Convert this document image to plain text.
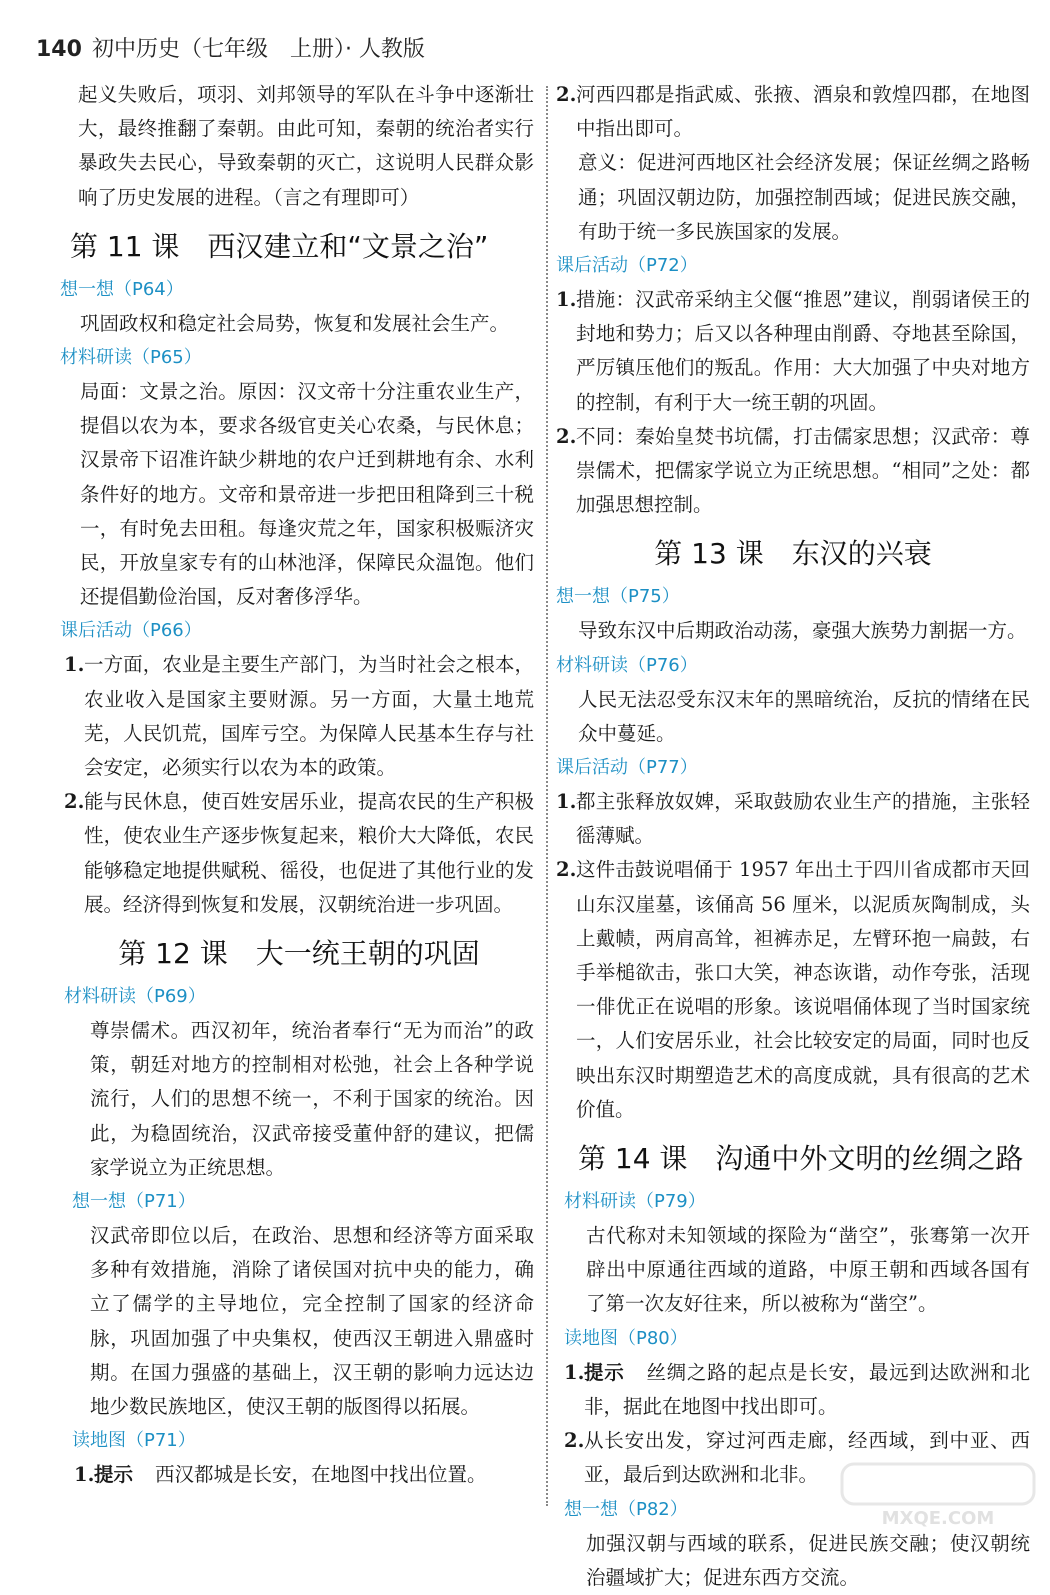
140 初中历史（七年级　上册）· 人教版

起义失败后，项羽、刘邦领导的军队在斗争中逐渐壮大，最终推翻了秦朝。由此可知，秦朝的统治者实行暴政失去民心，导致秦朝的灭亡，这说明人民群众影响了历史发展的进程。（言之有理即可）

第 11 课　西汉建立和“文景之治”
想一想（P64）

巩固政权和稳定社会局势，恢复和发展社会生产。

材料研读（P65）

局面：文景之治。原因：汉文帝十分注重农业生产，提倡以农为本，要求各级官吏关心农桑，与民休息；汉景帝下诏准许缺少耕地的农户迁到耕地有余、水利条件好的地方。文帝和景帝进一步把田租降到三十税一，有时免去田租。每逢灾荒之年，国家积极赈济灾民，开放皇家专有的山林池泽，保障民众温饱。他们还提倡勤俭治国，反对奢侈浮华。

课后活动（P66）
1. 一方面，农业是主要生产部门，为当时社会之根本，农业收入是国家主要财源。另一方面，大量土地荒芜，人民饥荒，国库亏空。为保障人民基本生存与社会安定，必须实行以农为本的政策。
2. 能与民休息，使百姓安居乐业，提高农民的生产积极性，使农业生产逐步恢复起来，粮价大大降低，农民能够稳定地提供赋税、徭役，也促进了其他行业的发展。经济得到恢复和发展，汉朝统治进一步巩固。
第 12 课　大一统王朝的巩固
材料研读（P69）

尊崇儒术。西汉初年，统治者奉行“无为而治”的政策，朝廷对地方的控制相对松弛，社会上各种学说流行，人们的思想不统一，不利于国家的统治。因此，为稳固统治，汉武帝接受董仲舒的建议，把儒家学说立为正统思想。

想一想（P71）

汉武帝即位以后，在政治、思想和经济等方面采取多种有效措施，消除了诸侯国对抗中央的能力，确立了儒学的主导地位，完全控制了国家的经济命脉，巩固加强了中央集权，使西汉王朝进入鼎盛时期。在国力强盛的基础上，汉王朝的影响力远达边地少数民族地区，使汉王朝的版图得以拓展。

读地图（P71）
1. 提示 西汉都城是长安，在地图中找出位置。
2. 河西四郡是指武威、张掖、酒泉和敦煌四郡，在地图中指出即可。

意义：促进河西地区社会经济发展；保证丝绸之路畅通；巩固汉朝边防，加强控制西域；促进民族交融，有助于统一多民族国家的发展。

课后活动（P72）
1. 措施：汉武帝采纳主父偃“推恩”建议，削弱诸侯王的封地和势力；后又以各种理由削爵、夺地甚至除国，严厉镇压他们的叛乱。作用：大大加强了中央对地方的控制，有利于大一统王朝的巩固。
2. 不同：秦始皇焚书坑儒，打击儒家思想；汉武帝：尊崇儒术，把儒家学说立为正统思想。“相同”之处：都加强思想控制。
第 13 课　东汉的兴衰
想一想（P75）

导致东汉中后期政治动荡，豪强大族势力割据一方。

材料研读（P76）

人民无法忍受东汉末年的黑暗统治，反抗的情绪在民众中蔓延。

课后活动（P77）
1. 都主张释放奴婢，采取鼓励农业生产的措施，主张轻徭薄赋。
2. 这件击鼓说唱俑于 1957 年出土于四川省成都市天回山东汉崖墓，该俑高 56 厘米，以泥质灰陶制成，头上戴帻，两肩高耸，袒裤赤足，左臂环抱一扁鼓，右手举槌欲击，张口大笑，神态诙谐，动作夸张，活现一俳优正在说唱的形象。该说唱俑体现了当时国家统一，人们安居乐业，社会比较安定的局面，同时也反映出东汉时期塑造艺术的高度成就，具有很高的艺术价值。
第 14 课　沟通中外文明的丝绸之路
材料研读（P79）

古代称对未知领域的探险为“凿空”，张骞第一次开辟出中原通往西域的道路，中原王朝和西域各国有了第一次友好往来，所以被称为“凿空”。

读地图（P80）
1. 提示 丝绸之路的起点是长安，最远到达欧洲和北非，据此在地图中找出即可。
2. 从长安出发，穿过河西走廊，经西域，到中亚、西亚，最后到达欧洲和北非。
想一想（P82）

加强汉朝与西域的联系，促进民族交融；使汉朝统治疆域扩大；促进东西方交流。

MXQE.COM
